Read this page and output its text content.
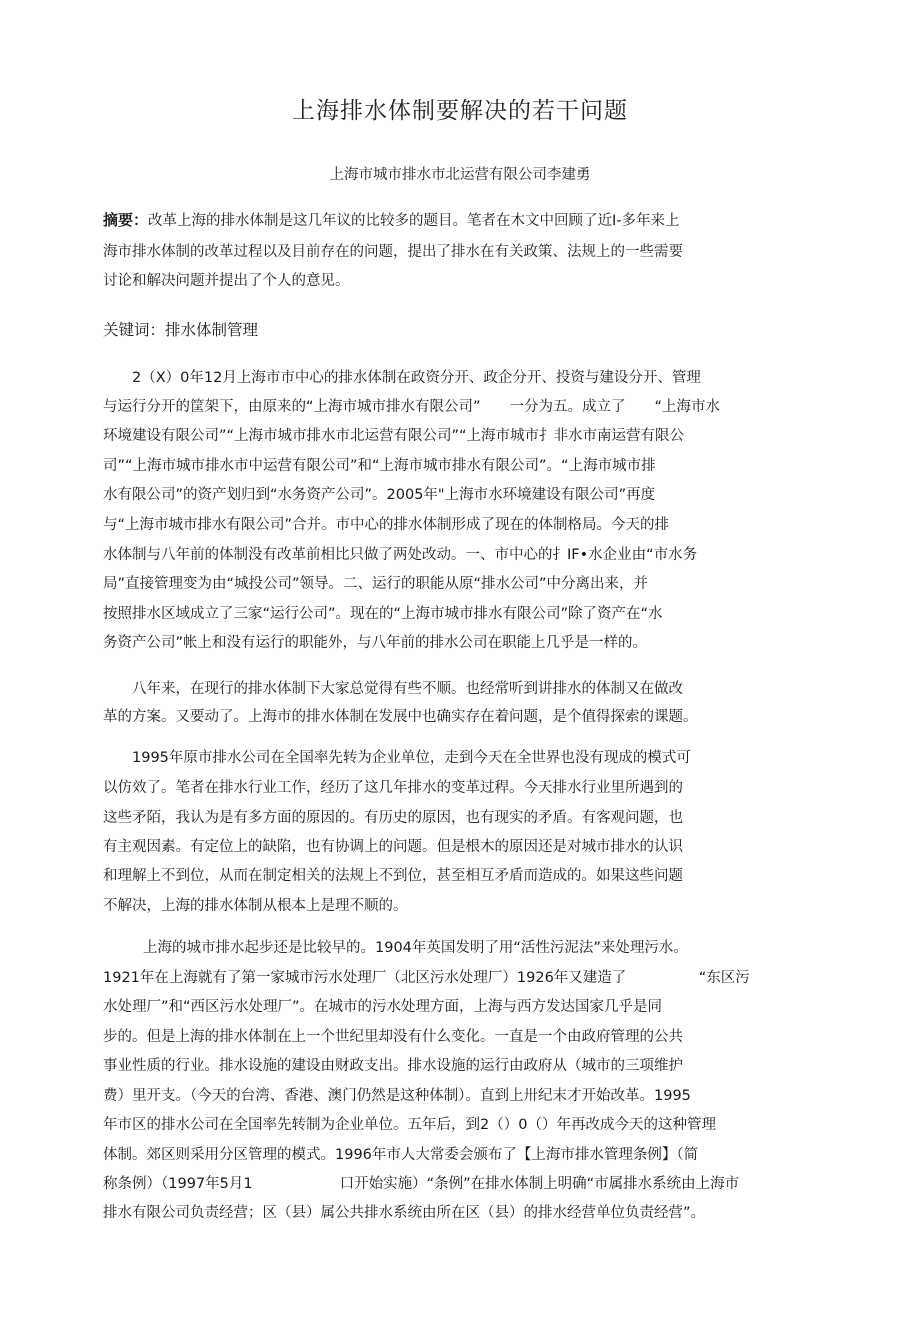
上海排水体制要解决的若干问题
上海市城市排水市北运营有限公司李建勇
摘要：改革上海的排水体制是这几年议的比较多的题目。笔者在木文中回顾了近I-多年来上
海市排水体制的改革过程以及目前存在的问题，提出了排水在有关政策、法规上的一些需要
讨论和解决问题并提出了个人的意见。
关键词：排水体制管理
2（X）0年12月上海市市中心的排水体制在政资分开、政企分开、投资与建设分开、管理
与运行分开的筐架下，由原来的“上海市城市排水有限公司”　　一分为五。成立了　　“上海市水
环境建设有限公司”“上海市城市排水市北运营有限公司”“上海市城市扌非水市南运营有限公
司”“上海市城市排水市中运营有限公司”和“上海市城市排水有限公司”。“上海市城市排
水有限公司”的资产划归到“水务资产公司”。2005年"上海市水环境建设有限公司”再度
与“上海市城市排水有限公司”合并。市中心的排水体制形成了现在的体制格局。今天的排
水体制与八年前的体制没有改革前相比只做了两处改动。一、市中心的扌IF•水企业由“市水务
局”直接管理变为由“城投公司”领导。二、运行的职能从原“排水公司”中分离出来，并
按照排水区域成立了三家“运行公司”。现在的“上海市城市排水有限公司”除了资产在“水
务资产公司”帐上和没有运行的职能外，与八年前的排水公司在职能上几乎是一样的。
八年来，在现行的排水体制下大家总觉得有些不顺。也经常听到讲排水的体制又在做改
革的方案。又要动了。上海市的排水体制在发展中也确实存在着问题，是个值得探索的课题。
1995年原市排水公司在全国率先转为企业单位，走到今天在全世界也没有现成的模式可
以仿效了。笔者在排水行业工作，经历了这几年排水的变革过稈。今天排水行业里所遇到的
这些矛陌，我认为是有多方面的原因的。有历史的原因，也有现实的矛盾。有客观问题，也
有主观因素。有定位上的缺陷，也有协调上的问题。但是根木的原因还是对城市排水的认识
和理解上不到位，从而在制定相关的法规上不到位，甚至相互矛盾而造成的。如果这些问题
不解决，上海的排水体制从根本上是理不顺的。
上海的城市排水起步还是比较早的。1904年英国发明了用“活性污泥法”来处理污水。
1921年在上海就有了第一家城市污水处理厂（北区污水处理厂）1926年又建造了　　　　　“东区污
水处理厂”和“西区污水处理厂”。在城市的污水处理方面，上海与西方发达国家几乎是同
步的。但是上海的排水体制在上一个世纪里却没有什么变化。一直是一个由政府管理的公共
事业性质的行业。排水设施的建设由财政支出。排水设施的运行由政府从（城市的三项维护
费）里开支。（今天的台湾、香港、澳门仍然是这种体制）。直到上卅纪末才开始改革。1995
年市区的排水公司在全国率先转制为企业单位。五年后，到2（）0（）年再改成今天的这种管理
体制。郊区则采用分区管理的模式。1996年市人大常委会颁布了【上海市排水管理条例】（简
称条例）（1997年5月1　　　　　　口开始实施）“条例”在排水体制上明确“市属排水系统由上海市
排水有限公司负责经营；区（县）属公共排水系统由所在区（县）的排水经营单位负责经营”。
